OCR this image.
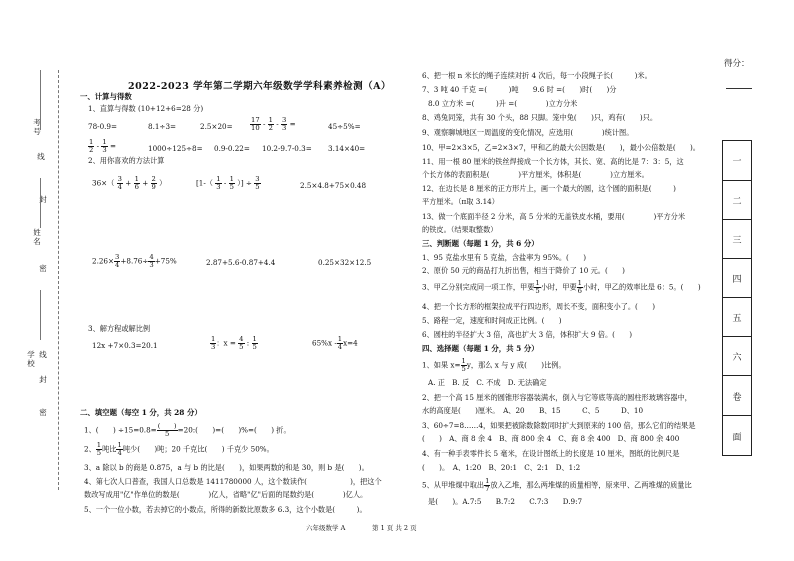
考号
线
姓名
封
密
学校
线
封
密
2022-2023 学年第二学期六年级数学学科素养检测（A）
一、计算与得数
1、直算与得数 (10+12+6=28 分)
78-0.9=	8.1÷3=	2.5×20=	$\frac{17}{10} - \frac{1}{2} - \frac{3}{3}$ =	45÷5%=
$\frac{1}{2} - \frac{1}{3}$ =	1000÷125÷8= 0.9-0.22= 10.2-9.7-0.3= 3.14×40=
2、用你喜欢的方法计算
$36\times( \frac{3}{4} + \frac{1}{6} + \frac{2}{9}$ ）	[$1-( \frac{1}{3} - \frac{1}{5}$ ）] ÷ $\frac{3}{5}$	2.5×4.8+75×0.48
$2.26\times \frac{3}{4} +8.76\div \frac{4}{3} +75\%$	2.87+5.6-0.87+4.4	0.25×32×12.5
3、解方程或解比例
12x +7×0.3=20.1	$\frac{1}{3}$ ：$x = \frac{4}{5}$ : $\frac{1}{5}$	$65\%x - \frac{1}{4} x=4$
二、填空题（每空 1 分，共 28 分）
1、(　　) $\div 15=0.8= \frac{( )}{5}$ =20:(　　)=(　　)%=(　　) 折。
2、 $\frac{1}{5}$ 吨比 $\frac{1}{4}$ 吨少(　　)吨；20 千克比(　　) 千克少 50%。
3、a 除以 b 的商是 0.875，a 与 b 的比是(　　)，如果两数的和是 30，则 b 是(　　)。
4、第七次人口普查，我国人口总数是 1411780000 人，这个数读作(　　　　　　)，把这个
数改写成用"亿"作单位的数是(　　　　)亿人，省略"亿"后面的尾数约是(　　　　)亿人。
5、一个一位小数，若去掉它的小数点，所得的新数比原数多 6.3，这个小数是(　　　)。
6、把一根 n 米长的绳子连续对折 4 次后，每一小段绳子长(　　　)米。
7、3 吨 40 千克 =(　　　)吨　　9.6 时 =(　　)时(　　)分
8.0 立方米 =(　　　)升 =(　　　　)立方分米
8、鸡兔同笼，共有 30 个头，88 只脚。笼中兔(　　)只，鸡有(　　)只。
9、观察聊城地区一周温度的变化情况，应选用(　　　　)统计图。
10、甲=2×3×5，乙=2×3×7，甲和乙的最大公因数是(　　)，最小公倍数是(　　)。
11、用一根 80 厘米的铁丝焊接成一个长方体，其长、宽、高的比是 7：3：5，这
个长方体的表面积是(　　　　)平方厘米，体积是(　　　　)立方厘米。
12、在边长是 8 厘米的正方形片上，画一个最大的圆，这个圆的面积是(　　　)
平方厘米。（π取 3.14）
13、做一个底面半径 2 分米，高 5 分米的无盖铁皮水桶，要用(　　　　)平方分米
的铁皮。（结果取整数）
三、判断题（每题 1 分，共 6 分）
1、95 克盐水里有 5 克盐，含盐率为 95%。(　　)
2、原价 50 元的商品打九折出售，相当于降价了 10 元。(　　)
3、甲乙分别完成同一项工作，甲要 $\frac{1}{5}$ 小时，甲要 $\frac{1}{6}$ 小时，甲乙的效率比是 6：5。(　　)
4、把一个长方形的框架拉成平行四边形，周长不变，面积变小了。(　　)
5、路程一定，速度和时间成正比例。(　　)
6、圆柱的半径扩大 3 倍，高也扩大 3 倍，体积扩大 9 倍。(　　)
四、选择题（每题 1 分，共 5 分）
1、如果 $x= \frac{1}{5}$ y，那么 x 与 y 成(　　)比例。
A. 正　B. 反　C. 不成　D. 无法确定
2、把一个高 15 厘米的圆锥形容器装满水，倒入与它等底等高的圆柱形玻璃容器中，
水的高度是(　　)厘米。　A、20　　B、15　　　C、5　　　D、10
3、60÷7=8……4，如果把被除数除数同时扩大到原来的 100 倍，那么它们的结果是
(　　)　A、商 8 余 4　B、商 800 余 4　C、商 8 余 400　D、商 800 余 400
4、有一种手表零件长 5 毫米，在设计图纸上的长度是 10 厘米，图纸的比例尺是
(　　)。　A、1:20　B、20:1　C、2:1　D、1:2
5、从甲堆煤中取出 $\frac{1}{7}$ 放入乙堆，那么两堆煤的质量相等，原来甲、乙两堆煤的质量比
是(　　)。A.7:5　　B.7:2　　C.7:3　　D.9:7
得分：
一
二
三
四
五
六
卷
面
六年级数学 A	第 1 页 共 2 页
